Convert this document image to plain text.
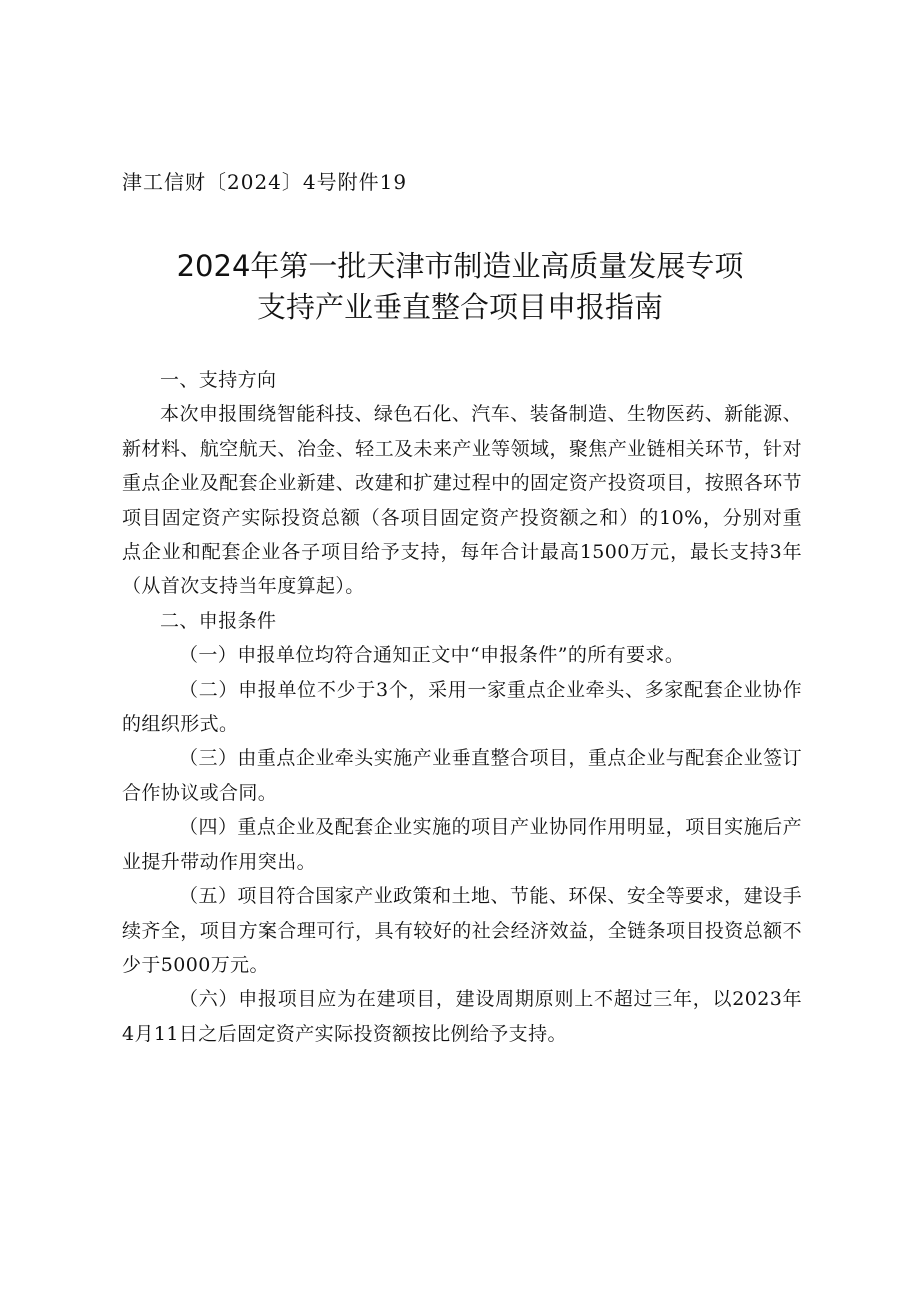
津工信财〔2024〕4号附件19
2024年第一批天津市制造业高质量发展专项
支持产业垂直整合项目申报指南

一、支持方向

本次申报围绕智能科技、绿色石化、汽车、装备制造、生物医药、新能源、新材料、航空航天、冶金、轻工及未来产业等领域，聚焦产业链相关环节，针对重点企业及配套企业新建、改建和扩建过程中的固定资产投资项目，按照各环节项目固定资产实际投资总额（各项目固定资产投资额之和）的10%，分别对重点企业和配套企业各子项目给予支持，每年合计最高1500万元，最长支持3年（从首次支持当年度算起）。

二、申报条件

（一）申报单位均符合通知正文中“申报条件”的所有要求。

（二）申报单位不少于3个，采用一家重点企业牵头、多家配套企业协作的组织形式。

（三）由重点企业牵头实施产业垂直整合项目，重点企业与配套企业签订合作协议或合同。

（四）重点企业及配套企业实施的项目产业协同作用明显，项目实施后产业提升带动作用突出。

（五）项目符合国家产业政策和土地、节能、环保、安全等要求，建设手续齐全，项目方案合理可行，具有较好的社会经济效益，全链条项目投资总额不少于5000万元。

（六）申报项目应为在建项目，建设周期原则上不超过三年，以2023年4月11日之后固定资产实际投资额按比例给予支持。
